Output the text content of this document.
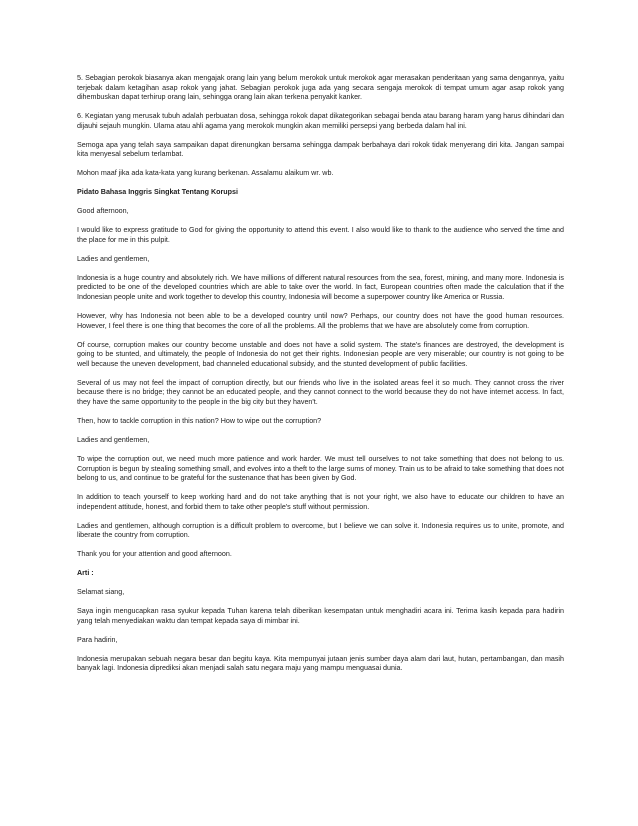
5. Sebagian perokok biasanya akan mengajak orang lain yang belum merokok untuk merokok agar merasakan penderitaan yang sama dengannya, yaitu terjebak dalam ketagihan asap rokok yang jahat. Sebagian perokok juga ada yang secara sengaja merokok di tempat umum agar asap rokok yang dihembuskan dapat terhirup orang lain, sehingga orang lain akan terkena penyakit kanker.

6. Kegiatan yang merusak tubuh adalah perbuatan dosa, sehingga rokok dapat dikategorikan sebagai benda atau barang haram yang harus dihindari dan dijauhi sejauh mungkin. Ulama atau ahli agama yang merokok mungkin akan memiliki persepsi yang berbeda dalam hal ini.

Semoga apa yang telah saya sampaikan dapat direnungkan bersama sehingga dampak berbahaya dari rokok tidak menyerang diri kita. Jangan sampai kita menyesal sebelum terlambat.

Mohon maaf jika ada kata-kata yang kurang berkenan. Assalamu alaikum wr. wb.

Pidato Bahasa Inggris Singkat Tentang Korupsi

Good afternoon,

I would like to express gratitude to God for giving the opportunity to attend this event. I also would like to thank to the audience who served the time and the place for me in this pulpit.

Ladies and gentlemen,

Indonesia is a huge country and absolutely rich. We have millions of different natural resources from the sea, forest, mining, and many more. Indonesia is predicted to be one of the developed countries which are able to take over the world. In fact, European countries often made the calculation that if the Indonesian people unite and work together to develop this country, Indonesia will become a superpower country like America or Russia.

However, why has Indonesia not been able to be a developed country until now? Perhaps, our country does not have the good human resources. However, I feel there is one thing that becomes the core of all the problems. All the problems that we have are absolutely come from corruption.

Of course, corruption makes our country become unstable and does not have a solid system. The state's finances are destroyed, the development is going to be stunted, and ultimately, the people of Indonesia do not get their rights. Indonesian people are very miserable; our country is not going to be well because the uneven development, bad channeled educational subsidy, and the stunted development of public facilities.

Several of us may not feel the impact of corruption directly, but our friends who live in the isolated areas feel it so much. They cannot cross the river because there is no bridge; they cannot be an educated people, and they cannot connect to the world because they do not have internet access. In fact, they have the same opportunity to the people in the big city but they haven't.

Then, how to tackle corruption in this nation? How to wipe out the corruption?

Ladies and gentlemen,

To wipe the corruption out, we need much more patience and work harder. We must tell ourselves to not take something that does not belong to us. Corruption is begun by stealing something small, and evolves into a theft to the large sums of money. Train us to be afraid to take something that does not belong to us, and continue to be grateful for the sustenance that has been given by God.

In addition to teach yourself to keep working hard and do not take anything that is not your right, we also have to educate our children to have an independent attitude, honest, and forbid them to take other people's stuff without permission.

Ladies and gentlemen, although corruption is a difficult problem to overcome, but I believe we can solve it. Indonesia requires us to unite, promote, and liberate the country from corruption.

Thank you for your attention and good afternoon.

Arti :

Selamat siang,

Saya ingin mengucapkan rasa syukur kepada Tuhan karena telah diberikan kesempatan untuk menghadiri acara ini. Terima kasih kepada para hadirin yang telah menyediakan waktu dan tempat kepada saya di mimbar ini.

Para hadirin,

Indonesia merupakan sebuah negara besar dan begitu kaya. Kita mempunyai jutaan jenis sumber daya alam dari laut, hutan, pertambangan, dan masih banyak lagi. Indonesia diprediksi akan menjadi salah satu negara maju yang mampu menguasai dunia.
